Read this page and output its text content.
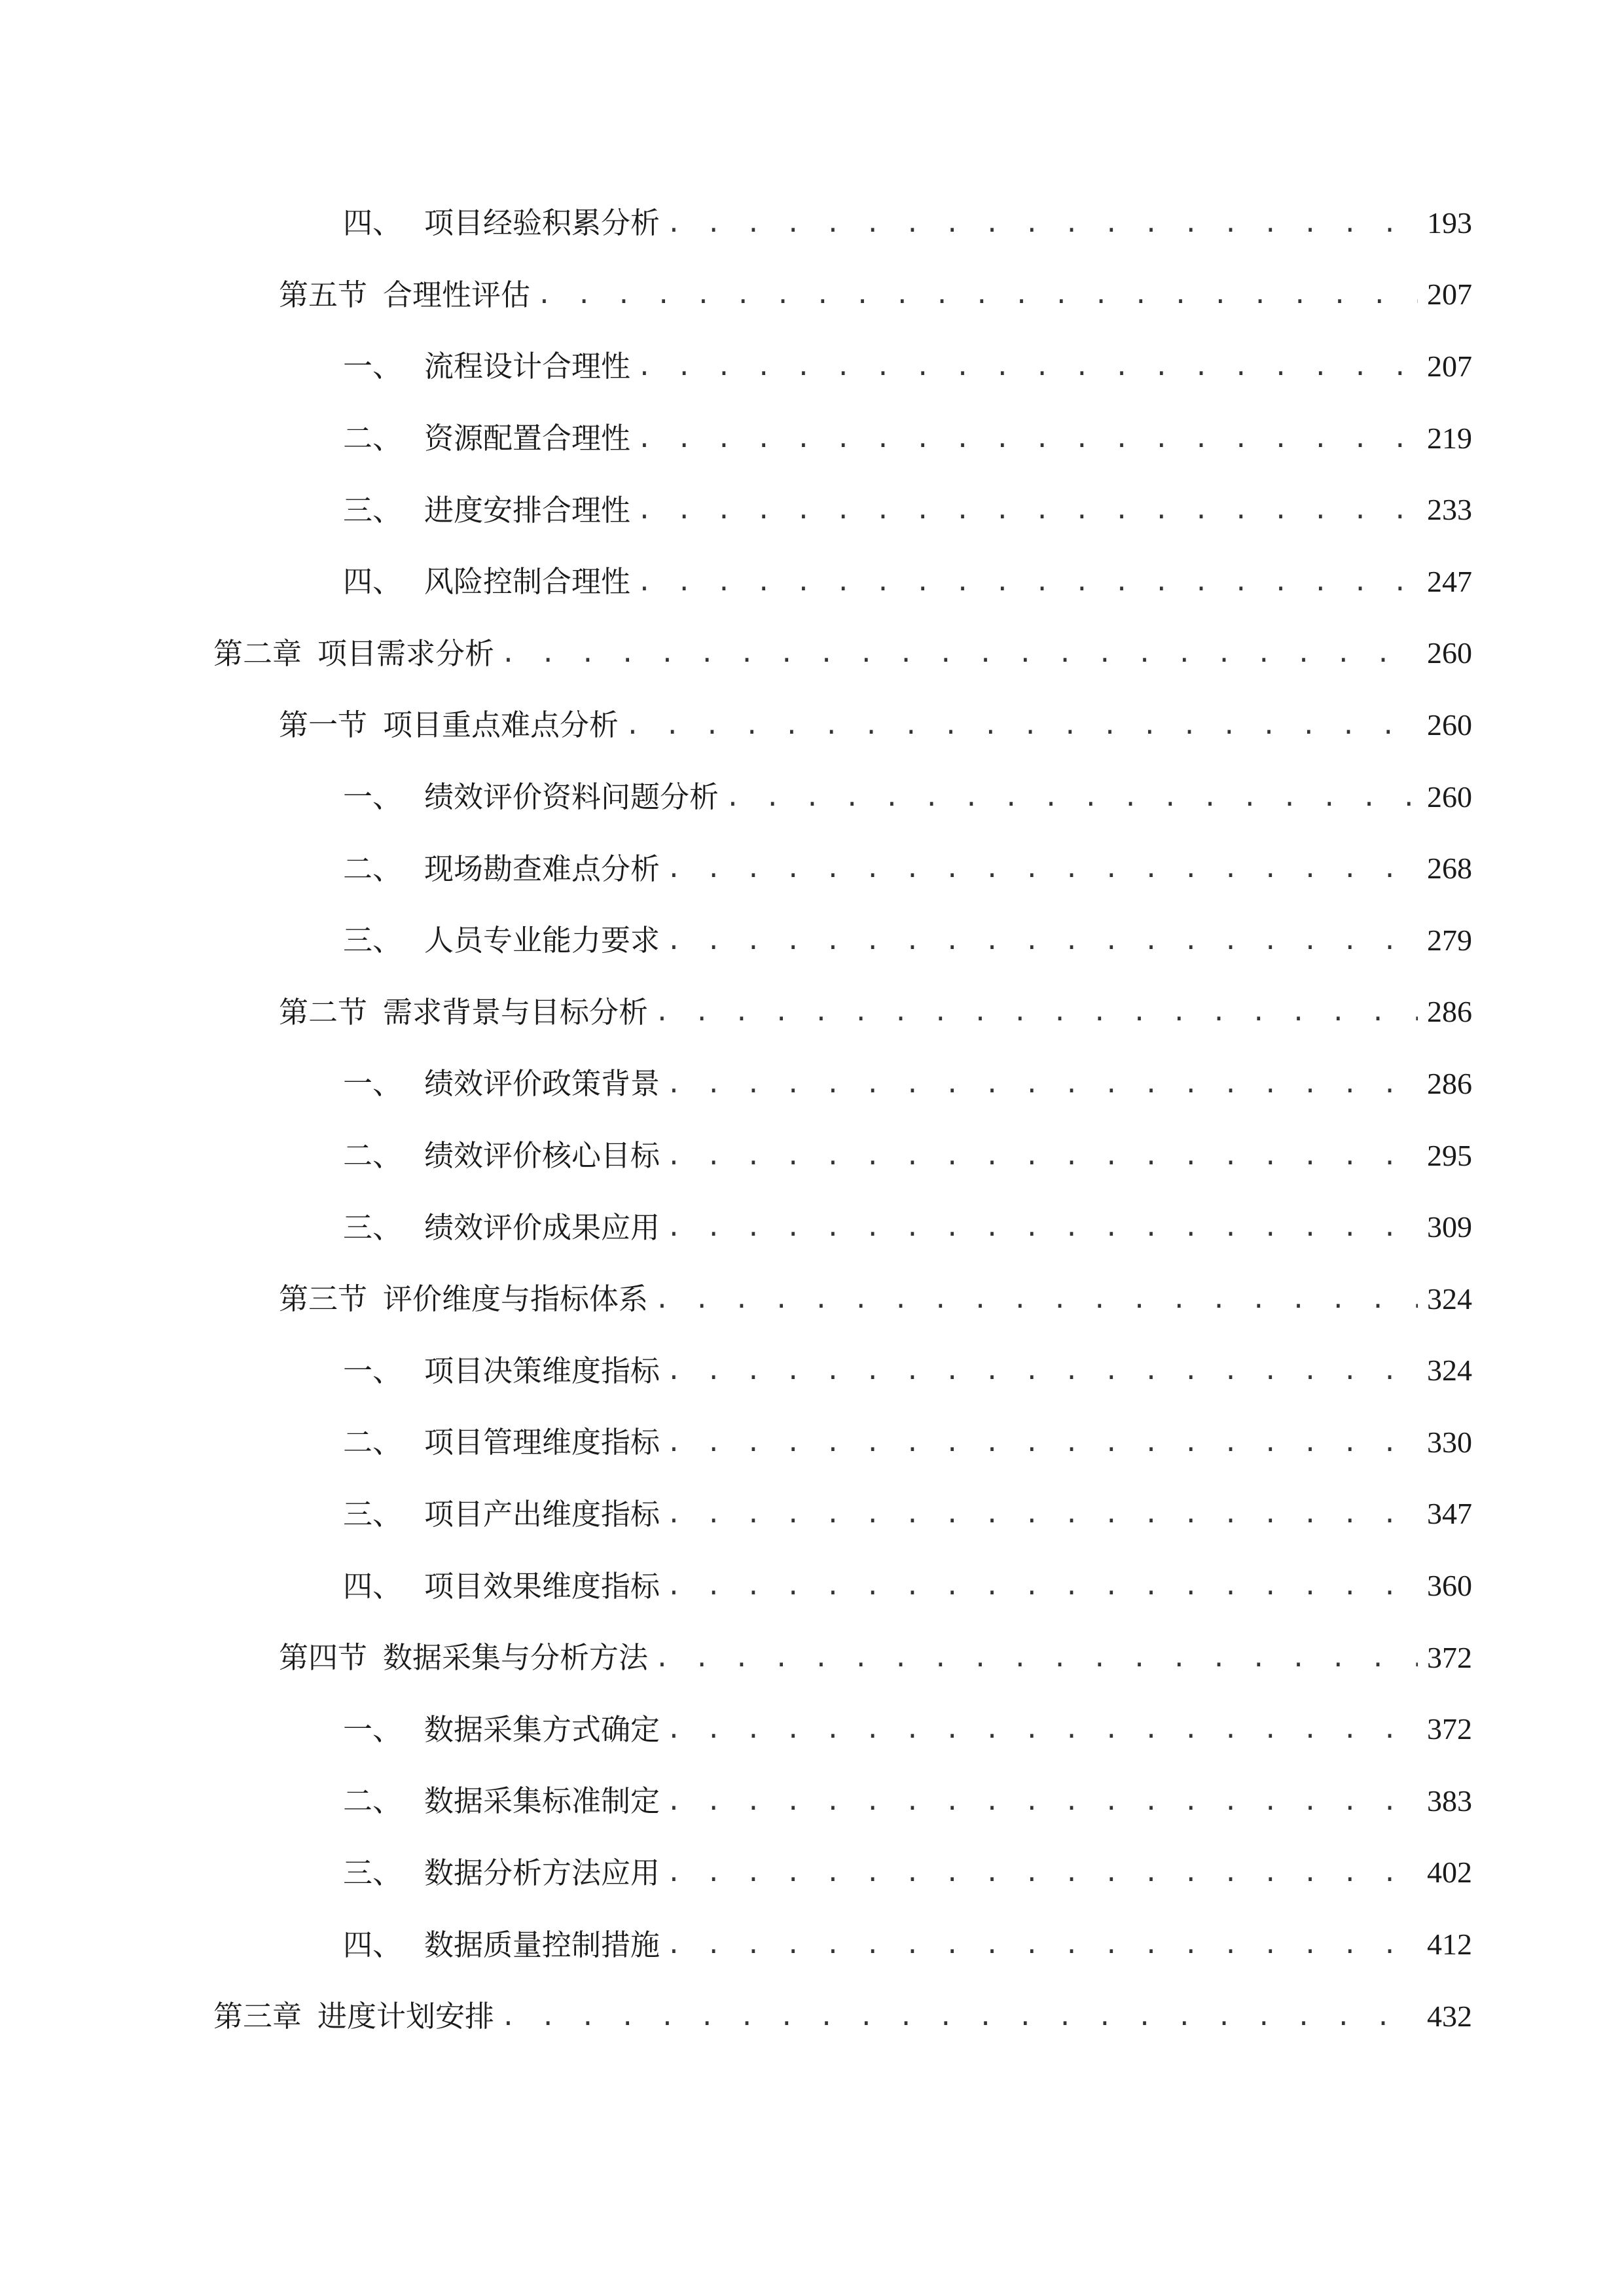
四、 项目经验积累分析 . . .	193
第五节 合理性评估 . . .	207
一、 流程设计合理性 . . .	207
二、 资源配置合理性 . . .	219
三、 进度安排合理性 . . .	233
四、 风险控制合理性 . . .	247
第二章 项目需求分析 . . .	260
第一节 项目重点难点分析 . . .	260
一、 绩效评价资料问题分析 . . .	260
二、 现场勘查难点分析 . . .	268
三、 人员专业能力要求 . . .	279
第二节 需求背景与目标分析 . . .	286
一、 绩效评价政策背景 . . .	286
二、 绩效评价核心目标 . . .	295
三、 绩效评价成果应用 . . .	309
第三节 评价维度与指标体系 . . .	324
一、 项目决策维度指标 . . .	324
二、 项目管理维度指标 . . .	330
三、 项目产出维度指标 . . .	347
四、 项目效果维度指标 . . .	360
第四节 数据采集与分析方法 . . .	372
一、 数据采集方式确定 . . .	372
二、 数据采集标准制定 . . .	383
三、 数据分析方法应用 . . .	402
四、 数据质量控制措施 . . .	412
第三章 进度计划安排 . . .	432
